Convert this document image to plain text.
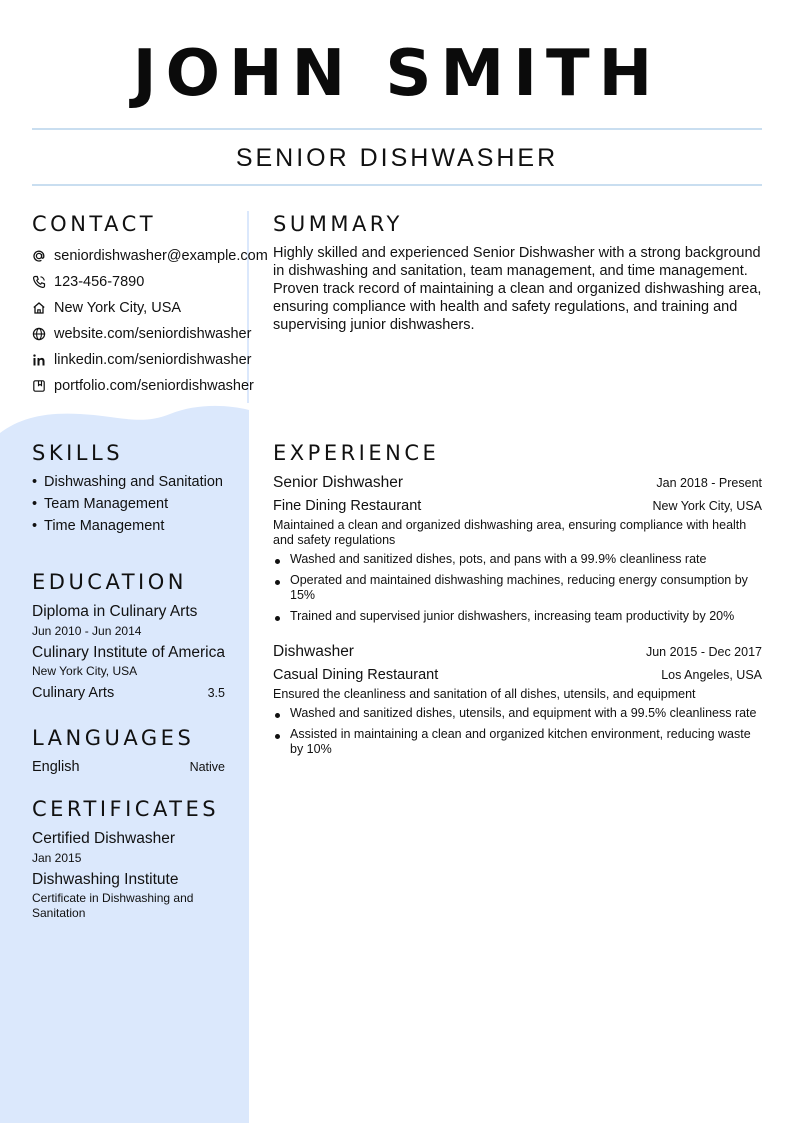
JOHN SMITH
SENIOR DISHWASHER
CONTACT
seniordishwasher@example.com
123-456-7890
New York City, USA
website.com/seniordishwasher
linkedin.com/seniordishwasher
portfolio.com/seniordishwasher
SUMMARY
Highly skilled and experienced Senior Dishwasher with a strong background in dishwashing and sanitation, team management, and time management. Proven track record of maintaining a clean and organized dishwashing area, ensuring compliance with health and safety regulations, and training and supervising junior dishwashers.
SKILLS
• Dishwashing and Sanitation
• Team Management
• Time Management
EDUCATION
Diploma in Culinary Arts
Jun 2010 - Jun 2014
Culinary Institute of America
New York City, USA
Culinary Arts	3.5
LANGUAGES
English	Native
CERTIFICATES
Certified Dishwasher
Jan 2015
Dishwashing Institute
Certificate in Dishwashing and Sanitation
EXPERIENCE
Senior Dishwasher	Jan 2018 - Present
Fine Dining Restaurant	New York City, USA
Maintained a clean and organized dishwashing area, ensuring compliance with health and safety regulations
Washed and sanitized dishes, pots, and pans with a 99.9% cleanliness rate
Operated and maintained dishwashing machines, reducing energy consumption by 15%
Trained and supervised junior dishwashers, increasing team productivity by 20%
Dishwasher	Jun 2015 - Dec 2017
Casual Dining Restaurant	Los Angeles, USA
Ensured the cleanliness and sanitation of all dishes, utensils, and equipment
Washed and sanitized dishes, utensils, and equipment with a 99.5% cleanliness rate
Assisted in maintaining a clean and organized kitchen environment, reducing waste by 10%
